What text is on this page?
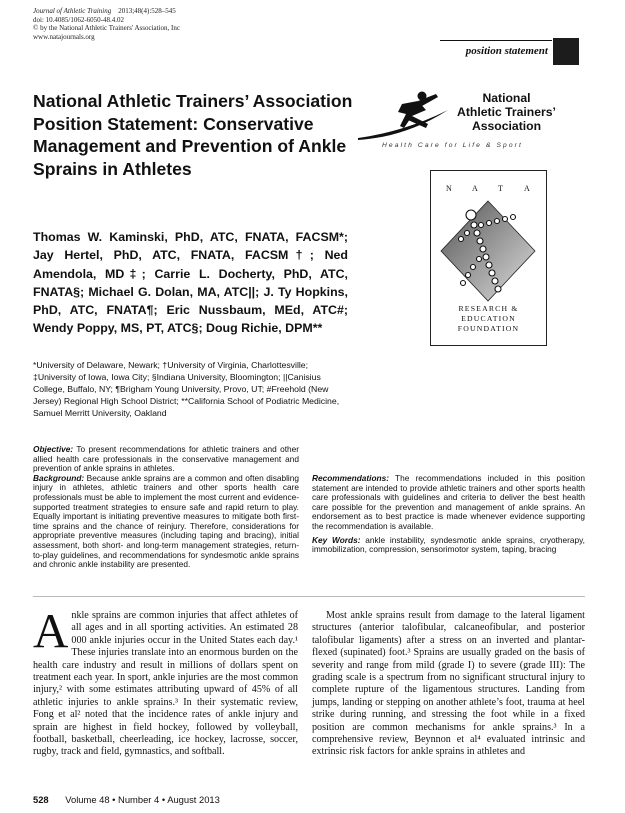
Journal of Athletic Training 2013;48(4):528–545
doi: 10.4085/1062-6050-48.4.02
© by the National Athletic Trainers' Association, Inc
www.natajournals.org
position statement
National Athletic Trainers’ Association Position Statement: Conservative Management and Prevention of Ankle Sprains in Athletes
National
Athletic Trainers’
Association
Health Care for Life & Sport
N	A	T	A
RESEARCH &
EDUCATION
FOUNDATION

Thomas W. Kaminski, PhD, ATC, FNATA, FACSM*; Jay Hertel, PhD, ATC, FNATA, FACSM†; Ned Amendola, MD‡; Carrie L. Docherty, PhD, ATC, FNATA§; Michael G. Dolan, MA, ATC||; J. Ty Hopkins, PhD, ATC, FNATA¶; Eric Nussbaum, MEd, ATC#; Wendy Poppy, MS, PT, ATC§; Doug Richie, DPM**

*University of Delaware, Newark; †University of Virginia, Charlottesville; ‡University of Iowa, Iowa City; §Indiana University, Bloomington; ||Canisius College, Buffalo, NY; ¶Brigham Young University, Provo, UT; #Freehold (New Jersey) Regional High School District; **California School of Podiatric Medicine, Samuel Merritt University, Oakland

Objective: To present recommendations for athletic trainers and other allied health care professionals in the conservative management and prevention of ankle sprains in athletes.

Background: Because ankle sprains are a common and often disabling injury in athletes, athletic trainers and other sports health care professionals must be able to implement the most current and evidence-supported treatment strategies to ensure safe and rapid return to play. Equally important is initiating preventive measures to mitigate both first-time sprains and the chance of reinjury. Therefore, considerations for appropriate preventive measures (including taping and bracing), initial assessment, both short- and long-term management strategies, return-to-play guidelines, and recommendations for syndesmotic ankle sprains and chronic ankle instability are presented.

Recommendations: The recommendations included in this position statement are intended to provide athletic trainers and other sports health care professionals with guidelines and criteria to deliver the best health care possible for the prevention and management of ankle sprains. An endorsement as to best practice is made whenever evidence supporting the recommendation is available.

Key Words: ankle instability, syndesmotic ankle sprains, cryotherapy, immobilization, compression, sensorimotor system, taping, bracing

Ankle sprains are common injuries that affect athletes of all ages and in all sporting activities. An estimated 28 000 ankle injuries occur in the United States each day.¹ These injuries translate into an enormous burden on the health care industry and result in millions of dollars spent on treatment each year. In sport, ankle injuries are the most common injury,² with some estimates attributing upward of 45% of all athletic injuries to ankle sprains.³ In their systematic review, Fong et al² noted that the incidence rates of ankle injury and sprain are highest in field hockey, followed by volleyball, football, basketball, cheerleading, ice hockey, lacrosse, soccer, rugby, track and field, gymnastics, and softball.

Most ankle sprains result from damage to the lateral ligament structures (anterior talofibular, calcaneofibular, and posterior talofibular ligaments) after a stress on an inverted and plantar-flexed (supinated) foot.³ Sprains are usually graded on the basis of severity and range from mild (grade I) to severe (grade III): The grading scale is a spectrum from no significant structural injury to complete rupture of the ligamentous structures. Landing from jumps, landing or stepping on another athlete’s foot, trauma at heel strike during running, and stressing the foot while in a fixed position are common mechanisms for ankle sprains.³ In a comprehensive review, Beynnon et al⁴ evaluated intrinsic and extrinsic risk factors for ankle sprains in athletes and

528 Volume 48 • Number 4 • August 2013
